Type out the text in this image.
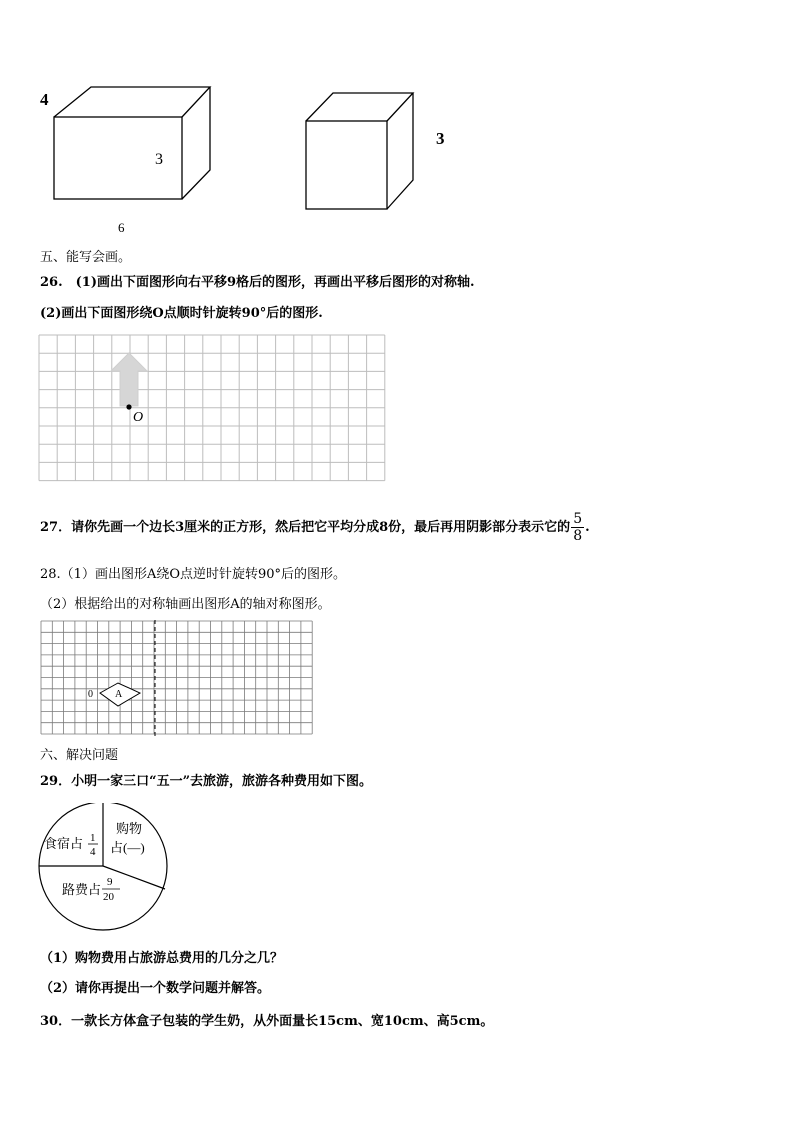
4
3
6
3
五、能写会画。
26.　(1)画出下面图形向右平移9格后的图形，再画出平移后图形的对称轴.
(2)画出下面图形绕O点顺时针旋转90°后的图形.
O
27．请你先画一个边长3厘米的正方形，然后把它平均分成8份，最后再用阴影部分表示它的 $\frac{5}{8}$ .
28.（1）画出图形A绕O点逆时针旋转90°后的图形。
（2）根据给出的对称轴画出图形A的轴对称图形。
A
0
六、解决问题
29．小明一家三口“五一”去旅游，旅游各种费用如下图。
食宿占 1
4
购物
占(—)
路费占 9
20
（1）购物费用占旅游总费用的几分之几？
（2）请你再提出一个数学问题并解答。
30．一款长方体盒子包装的学生奶，从外面量长15cm、宽10cm、高5cm。
